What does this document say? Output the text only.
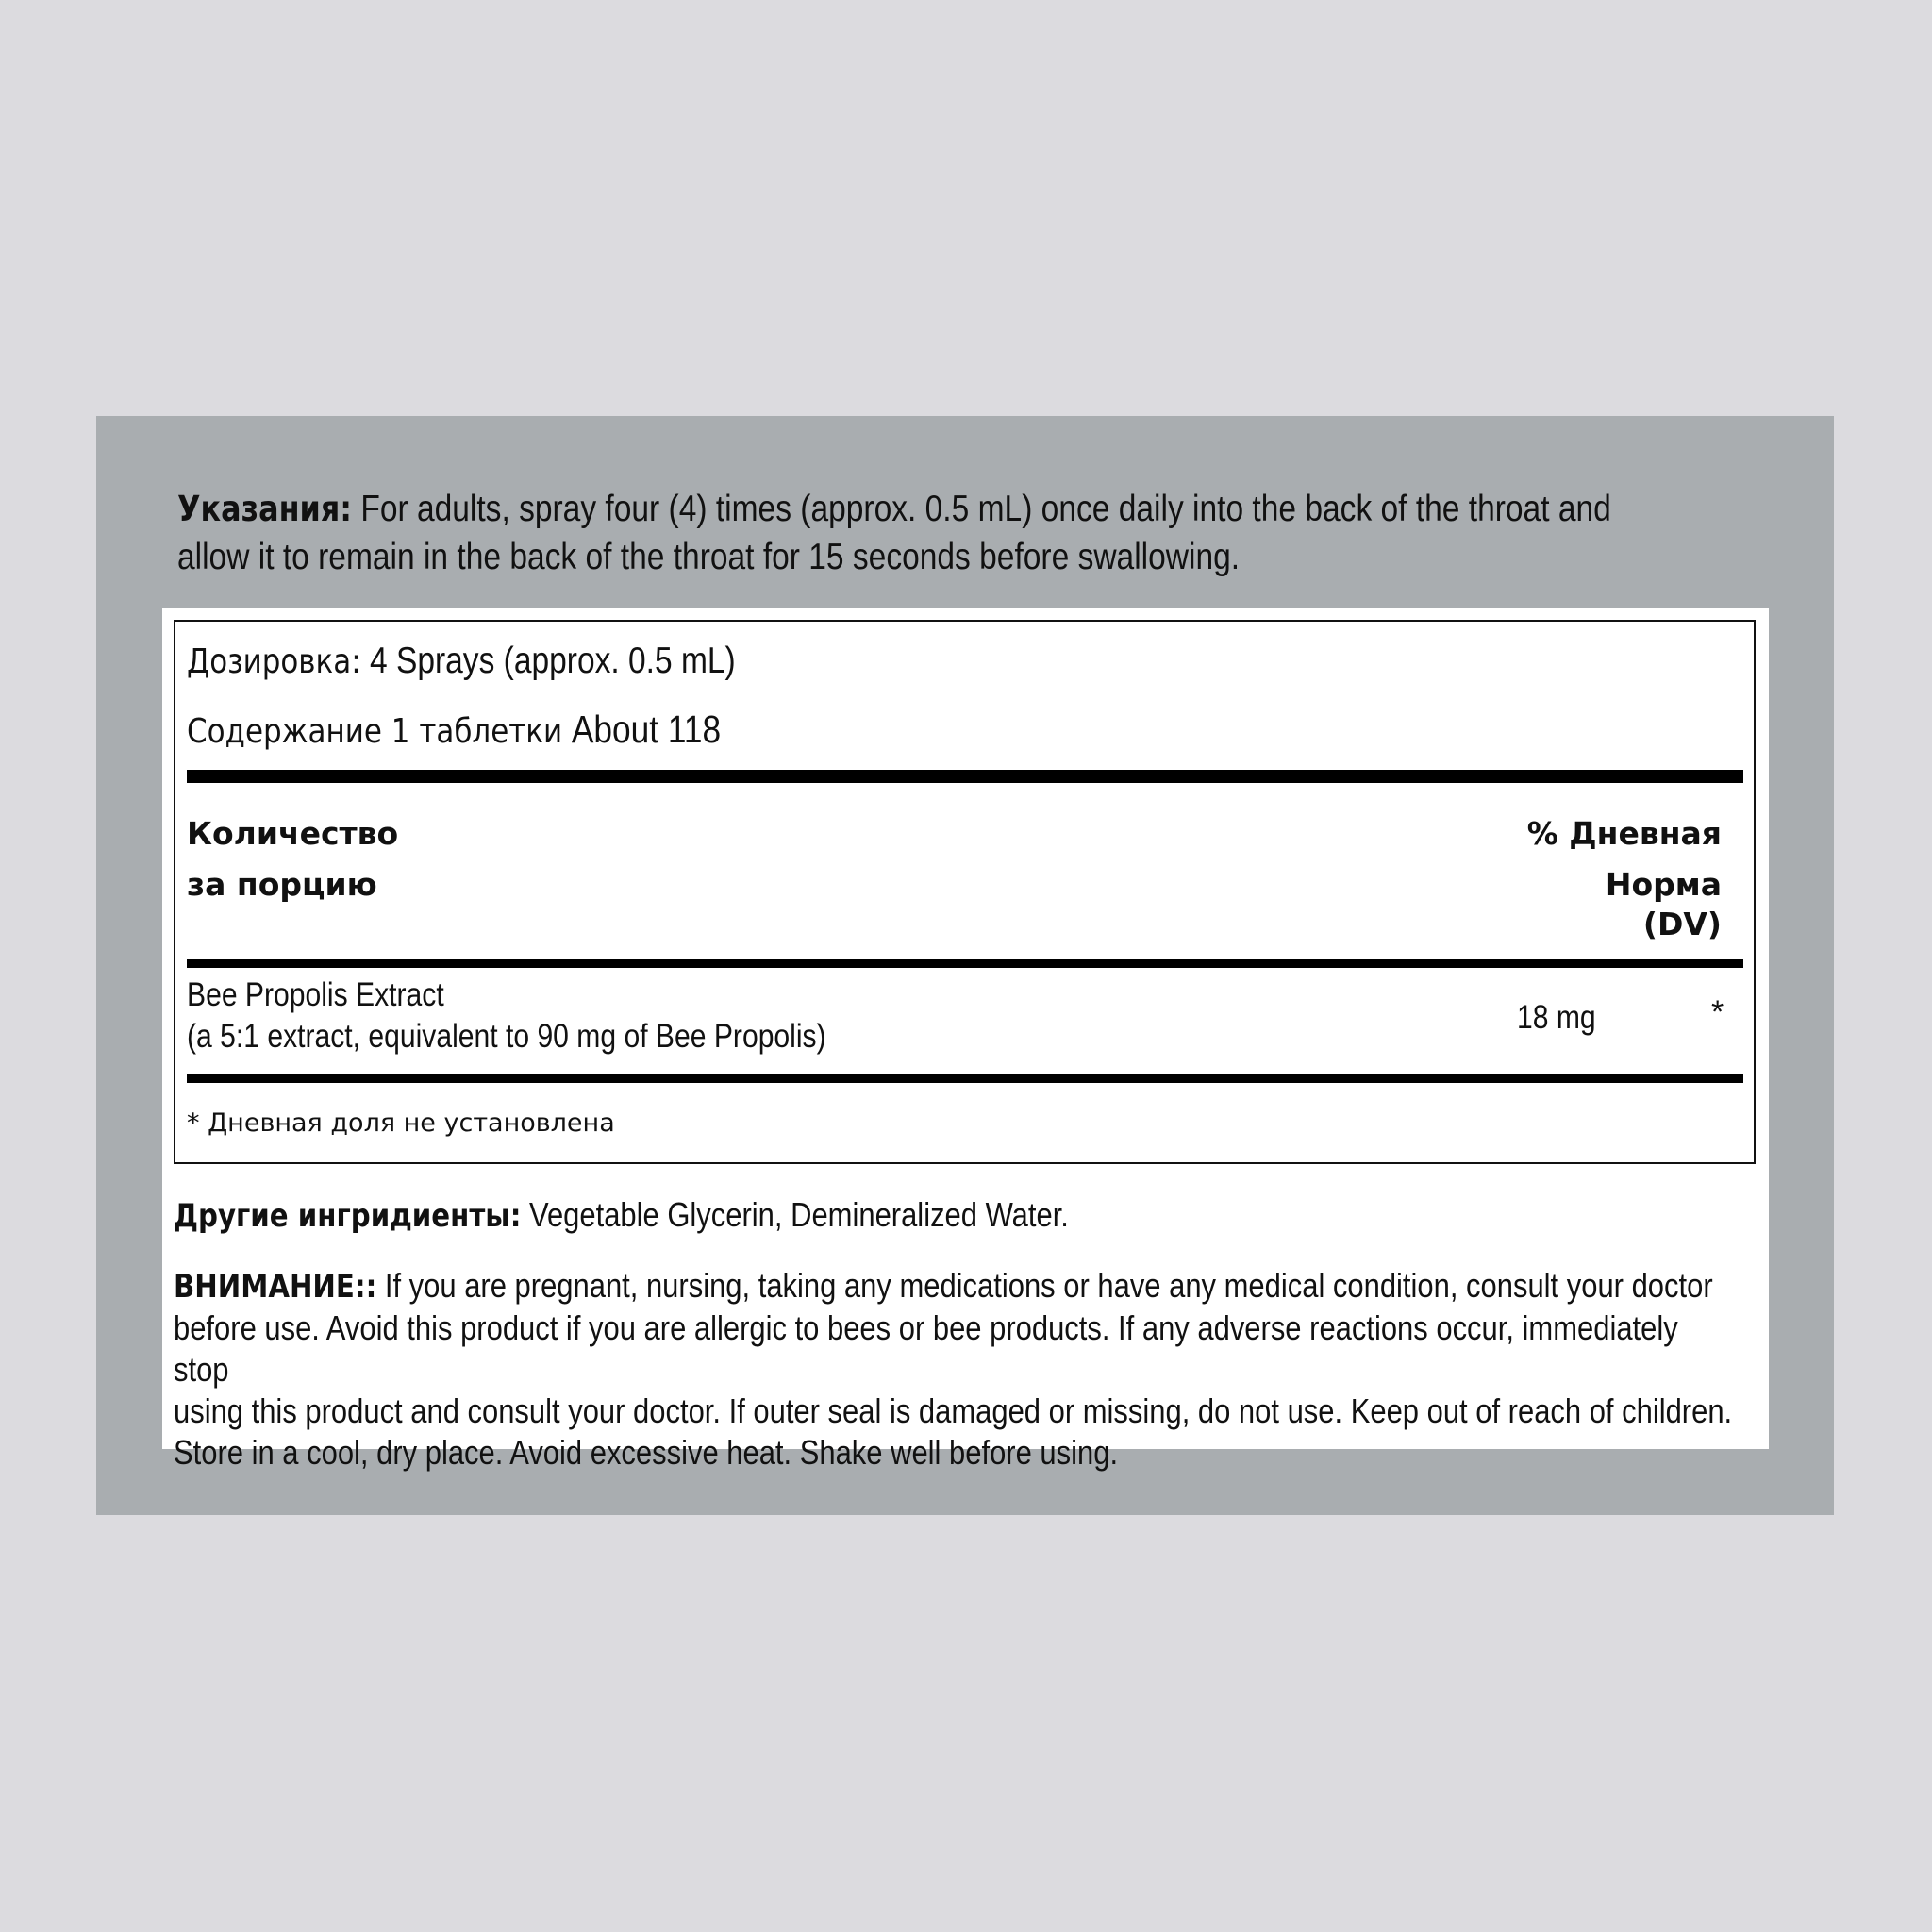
Указания: For adults, spray four (4) times (approx. 0.5 mL) once daily into the back of the throat and
allow it to remain in the back of the throat for 15 seconds before swallowing.
Дозировка: 4 Sprays (approx. 0.5 mL)
Содержание 1 таблетки About 118
Количество
за порцию
% Дневная
Норма
(DV)
Bee Propolis Extract
(a 5:1 extract, equivalent to 90 mg of Bee Propolis)
18 mg	*
* Дневная доля не установлена
Другие ингридиенты: Vegetable Glycerin, Demineralized Water.
ВНИМАНИЕ:: If you are pregnant, nursing, taking any medications or have any medical condition, consult your doctor
before use. Avoid this product if you are allergic to bees or bee products. If any adverse reactions occur, immediately stop
using this product and consult your doctor. If outer seal is damaged or missing, do not use. Keep out of reach of children.
Store in a cool, dry place. Avoid excessive heat. Shake well before using.
